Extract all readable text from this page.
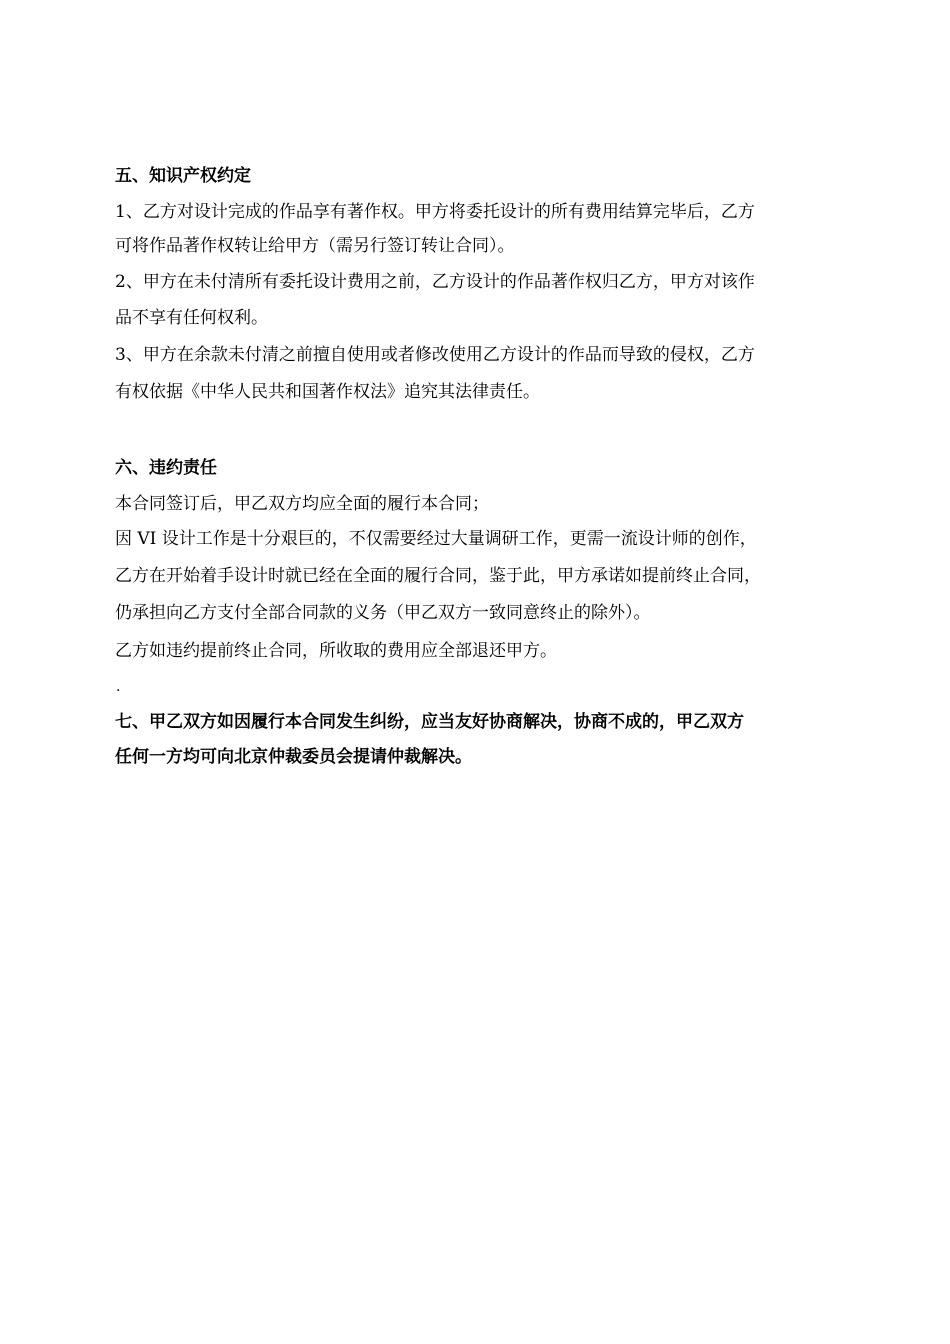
五、知识产权约定
1、乙方对设计完成的作品享有著作权。甲方将委托设计的所有费用结算完毕后，乙方
可将作品著作权转让给甲方（需另行签订转让合同）。
2、甲方在未付清所有委托设计费用之前，乙方设计的作品著作权归乙方，甲方对该作
品不享有任何权利。
3、甲方在余款未付清之前擅自使用或者修改使用乙方设计的作品而导致的侵权，乙方
有权依据《中华人民共和国著作权法》追究其法律责任。
六、违约责任
本合同签订后，甲乙双方均应全面的履行本合同；
因 VI 设计工作是十分艰巨的，不仅需要经过大量调研工作，更需一流设计师的创作，
乙方在开始着手设计时就已经在全面的履行合同，鉴于此，甲方承诺如提前终止合同，
仍承担向乙方支付全部合同款的义务（甲乙双方一致同意终止的除外）。
乙方如违约提前终止合同，所收取的费用应全部退还甲方。
.
七、甲乙双方如因履行本合同发生纠纷，应当友好协商解决，协商不成的，甲乙双方
任何一方均可向北京仲裁委员会提请仲裁解决。
